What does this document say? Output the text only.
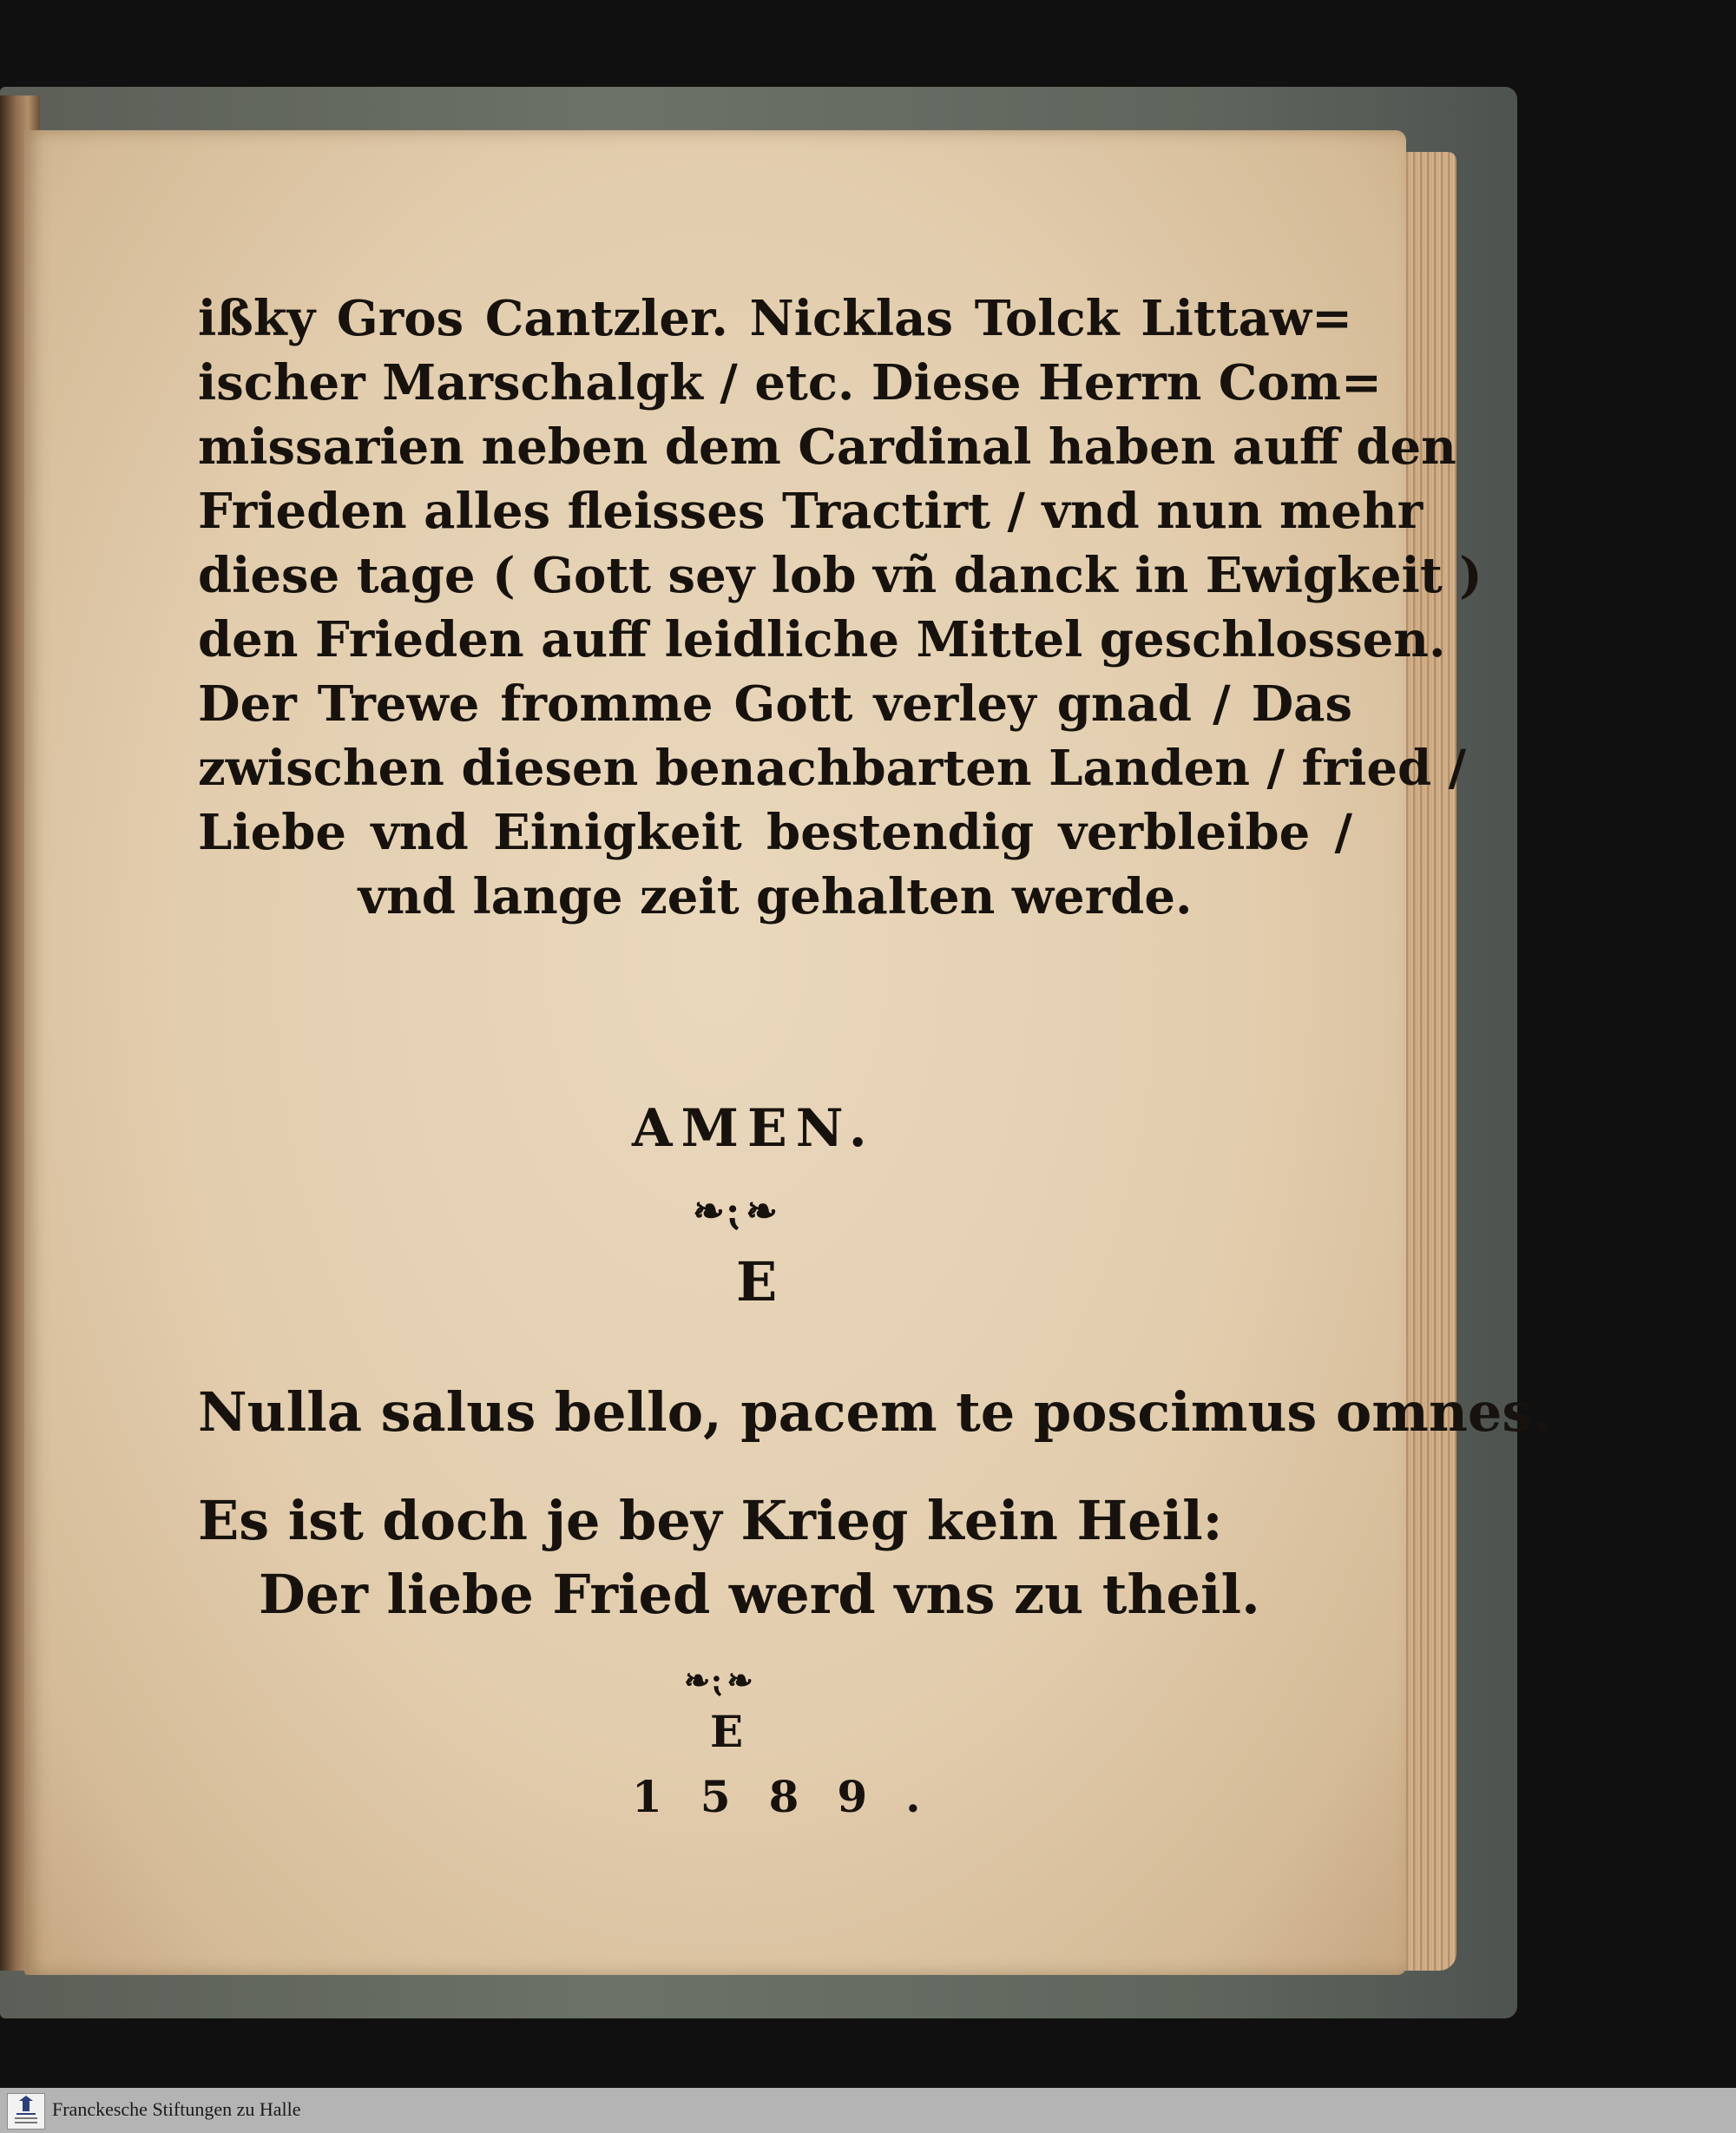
ißky Gros Cantzler. Nicklas Tolck Littaw=
ischer Marschalgk / etc. Diese Herrn Com=
missarien neben dem Cardinal haben auff den
Frieden alles fleisses Tractirt / vnd nun mehr
diese tage ( Gott sey lob vñ danck in Ewigkeit )
den Frieden auff leidliche Mittel geschlossen.
Der Trewe fromme Gott verley gnad / Das
zwischen diesen benachbarten Landen / fried /
Liebe vnd Einigkeit bestendig verbleibe /
vnd lange zeit gehalten werde.
AMEN.
❧⁏❧
E
Nulla salus bello, pacem te poscimus omnes.
Es ist doch je bey Krieg kein Heil:
Der liebe Fried werd vns zu theil.
❧⁏❧
E
1589.
Franckesche Stiftungen zu Halle
